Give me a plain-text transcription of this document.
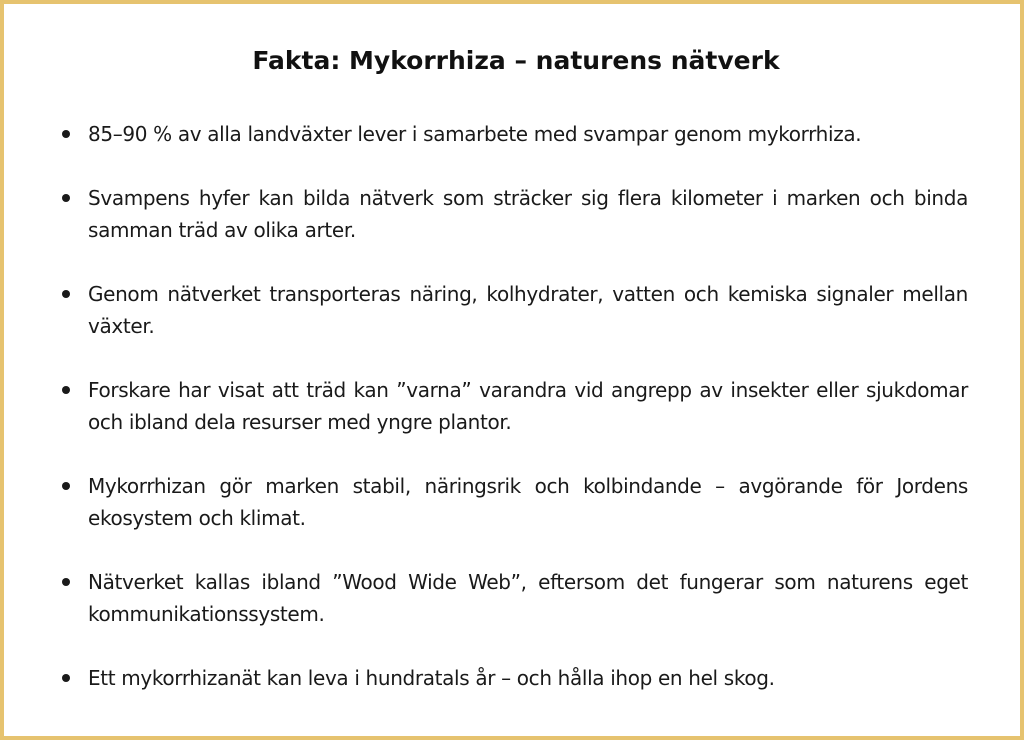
Fakta: Mykorrhiza – naturens nätverk
85–90 % av alla landväxter lever i samarbete med svampar genom mykorrhiza.
Svampens hyfer kan bilda nätverk som sträcker sig flera kilometer i marken och binda samman träd av olika arter.
Genom nätverket transporteras näring, kolhydrater, vatten och kemiska signaler mellan växter.
Forskare har visat att träd kan ”varna” varandra vid angrepp av insekter eller sjukdomar och ibland dela resurser med yngre plantor.
Mykorrhizan gör marken stabil, näringsrik och kolbindande – avgörande för Jordens ekosystem och klimat.
Nätverket kallas ibland ”Wood Wide Web”, eftersom det fungerar som naturens eget kommunikationssystem.
Ett mykorrhizanät kan leva i hundratals år – och hålla ihop en hel skog.
